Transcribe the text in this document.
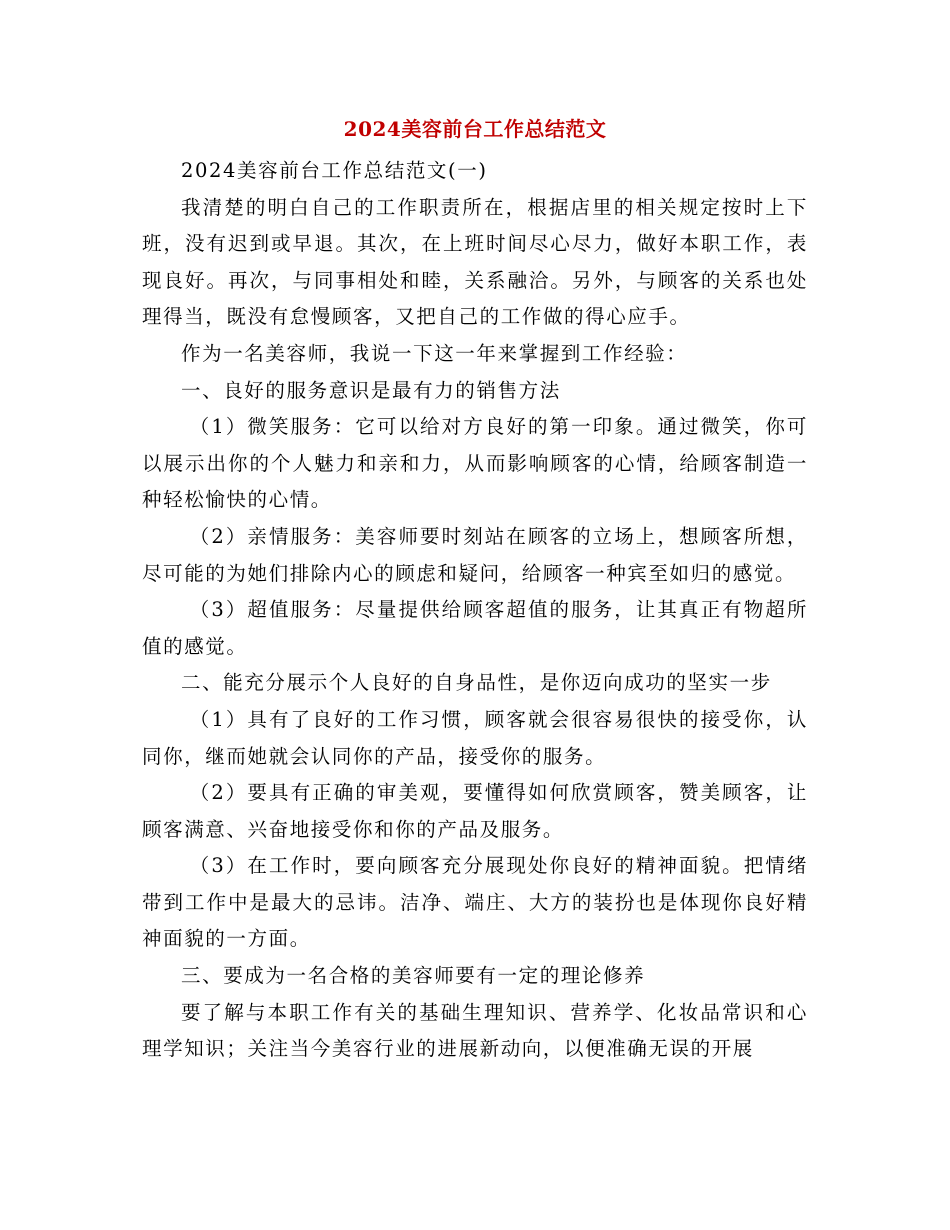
2024美容前台工作总结范文

2024美容前台工作总结范文(一)

我清楚的明白自己的工作职责所在，根据店里的相关规定按时上下班，没有迟到或早退。其次，在上班时间尽心尽力，做好本职工作，表现良好。再次，与同事相处和睦，关系融洽。另外，与顾客的关系也处理得当，既没有怠慢顾客，又把自己的工作做的得心应手。

作为一名美容师，我说一下这一年来掌握到工作经验：

一、良好的服务意识是最有力的销售方法

（1）微笑服务：它可以给对方良好的第一印象。通过微笑，你可以展示出你的个人魅力和亲和力，从而影响顾客的心情，给顾客制造一种轻松愉快的心情。

（2）亲情服务：美容师要时刻站在顾客的立场上，想顾客所想，尽可能的为她们排除内心的顾虑和疑问，给顾客一种宾至如归的感觉。

（3）超值服务：尽量提供给顾客超值的服务，让其真正有物超所值的感觉。

二、能充分展示个人良好的自身品性，是你迈向成功的坚实一步

（1）具有了良好的工作习惯，顾客就会很容易很快的接受你，认同你，继而她就会认同你的产品，接受你的服务。

（2）要具有正确的审美观，要懂得如何欣赏顾客，赞美顾客，让顾客满意、兴奋地接受你和你的产品及服务。

（3）在工作时，要向顾客充分展现处你良好的精神面貌。把情绪带到工作中是最大的忌讳。洁净、端庄、大方的装扮也是体现你良好精神面貌的一方面。

三、要成为一名合格的美容师要有一定的理论修养

要了解与本职工作有关的基础生理知识、营养学、化妆品常识和心理学知识；关注当今美容行业的进展新动向，以便准确无误的开展
